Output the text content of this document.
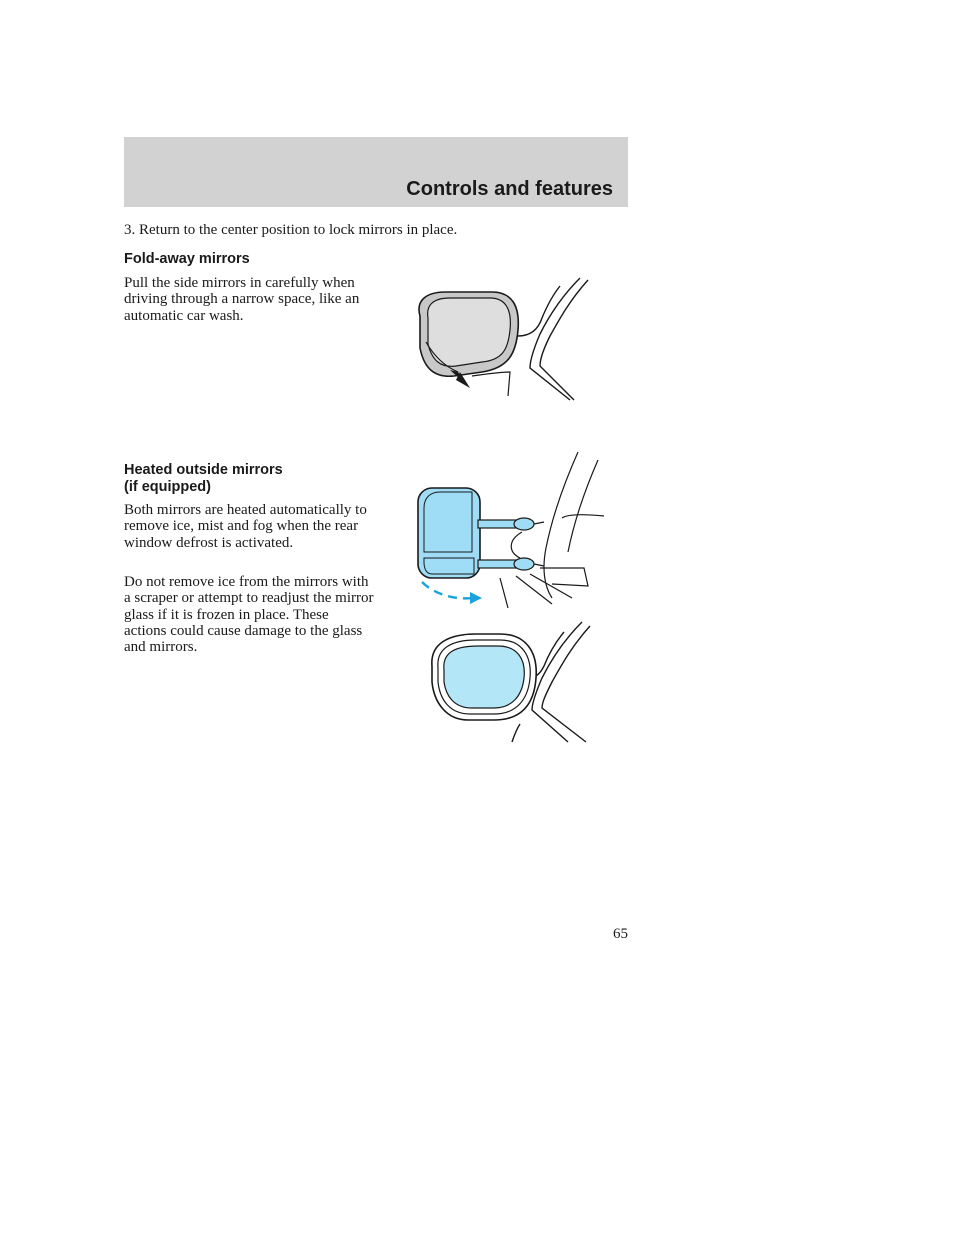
Controls and features

3. Return to the center position to lock mirrors in place.

Fold-away mirrors

Pull the side mirrors in carefully when driving through a narrow space, like an automatic car wash.

Heated outside mirrors
(if equipped)

Both mirrors are heated automatically to remove ice, mist and fog when the rear window defrost is activated.

Do not remove ice from the mirrors with a scraper or attempt to readjust the mirror glass if it is frozen in place. These actions could cause damage to the glass and mirrors.

65
